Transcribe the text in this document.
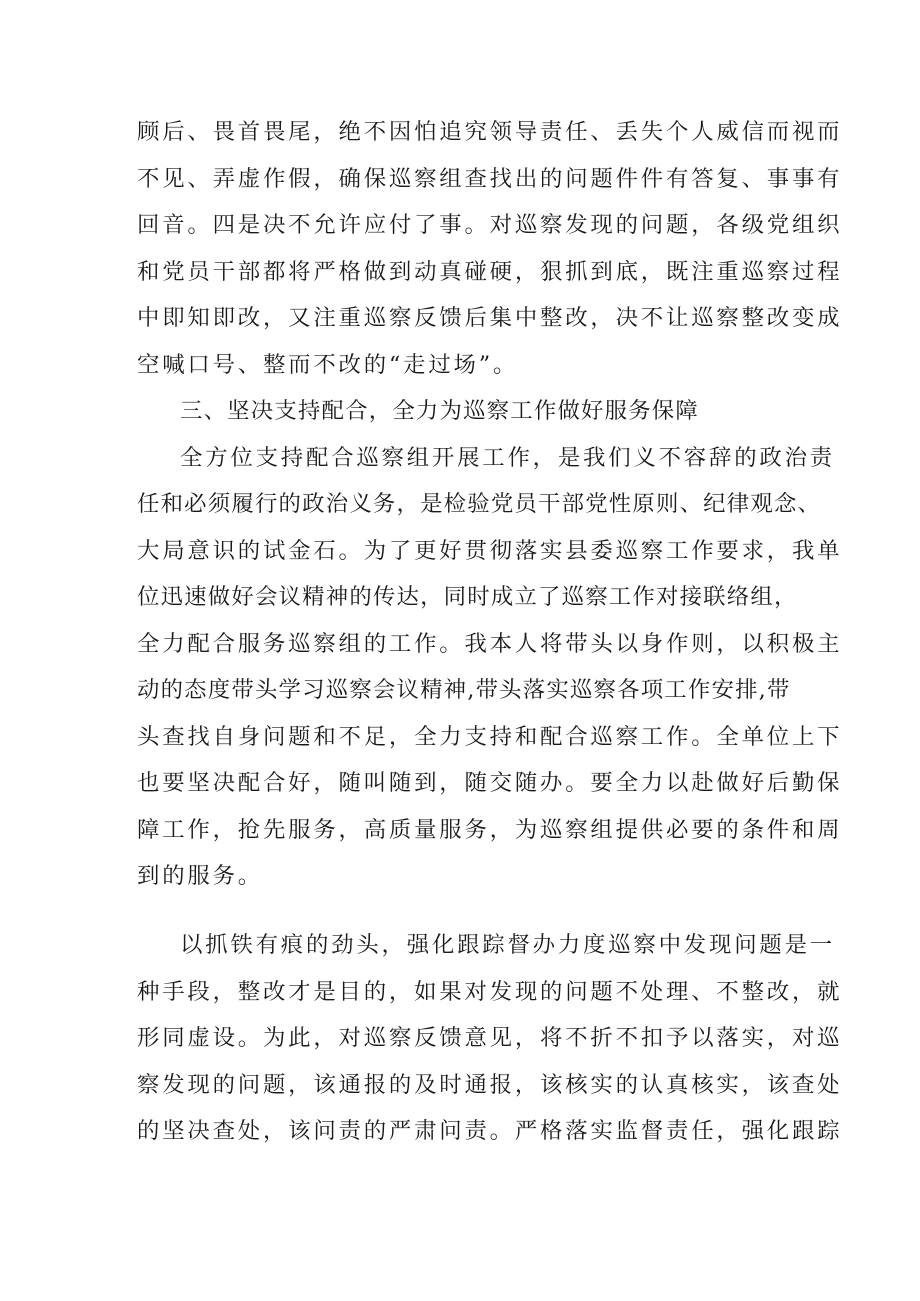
顾后、畏首畏尾，绝不因怕追究领导责任、丢失个人威信而视而
不见、弄虚作假，确保巡察组查找出的问题件件有答复、事事有
回音。四是决不允许应付了事。对巡察发现的问题，各级党组织
和党员干部都将严格做到动真碰硬，狠抓到底，既注重巡察过程
中即知即改，又注重巡察反馈后集中整改，决不让巡察整改变成
空喊口号、整而不改的“走过场”。
三、坚决支持配合，全力为巡察工作做好服务保障
全方位支持配合巡察组开展工作，是我们义不容辞的政治责
任和必须履行的政治义务，是检验党员干部党性原则、纪律观念、
大局意识的试金石。为了更好贯彻落实县委巡察工作要求，我单
位迅速做好会议精神的传达，同时成立了巡察工作对接联络组，
全力配合服务巡察组的工作。我本人将带头以身作则，以积极主
动的态度带头学习巡察会议精神,带头落实巡察各项工作安排,带
头查找自身问题和不足，全力支持和配合巡察工作。全单位上下
也要坚决配合好，随叫随到，随交随办。要全力以赴做好后勤保
障工作，抢先服务，高质量服务，为巡察组提供必要的条件和周
到的服务。
以抓铁有痕的劲头，强化跟踪督办力度巡察中发现问题是一
种手段，整改才是目的，如果对发现的问题不处理、不整改，就
形同虚设。为此，对巡察反馈意见，将不折不扣予以落实，对巡
察发现的问题，该通报的及时通报，该核实的认真核实，该查处
的坚决查处，该问责的严肃问责。严格落实监督责任，强化跟踪
